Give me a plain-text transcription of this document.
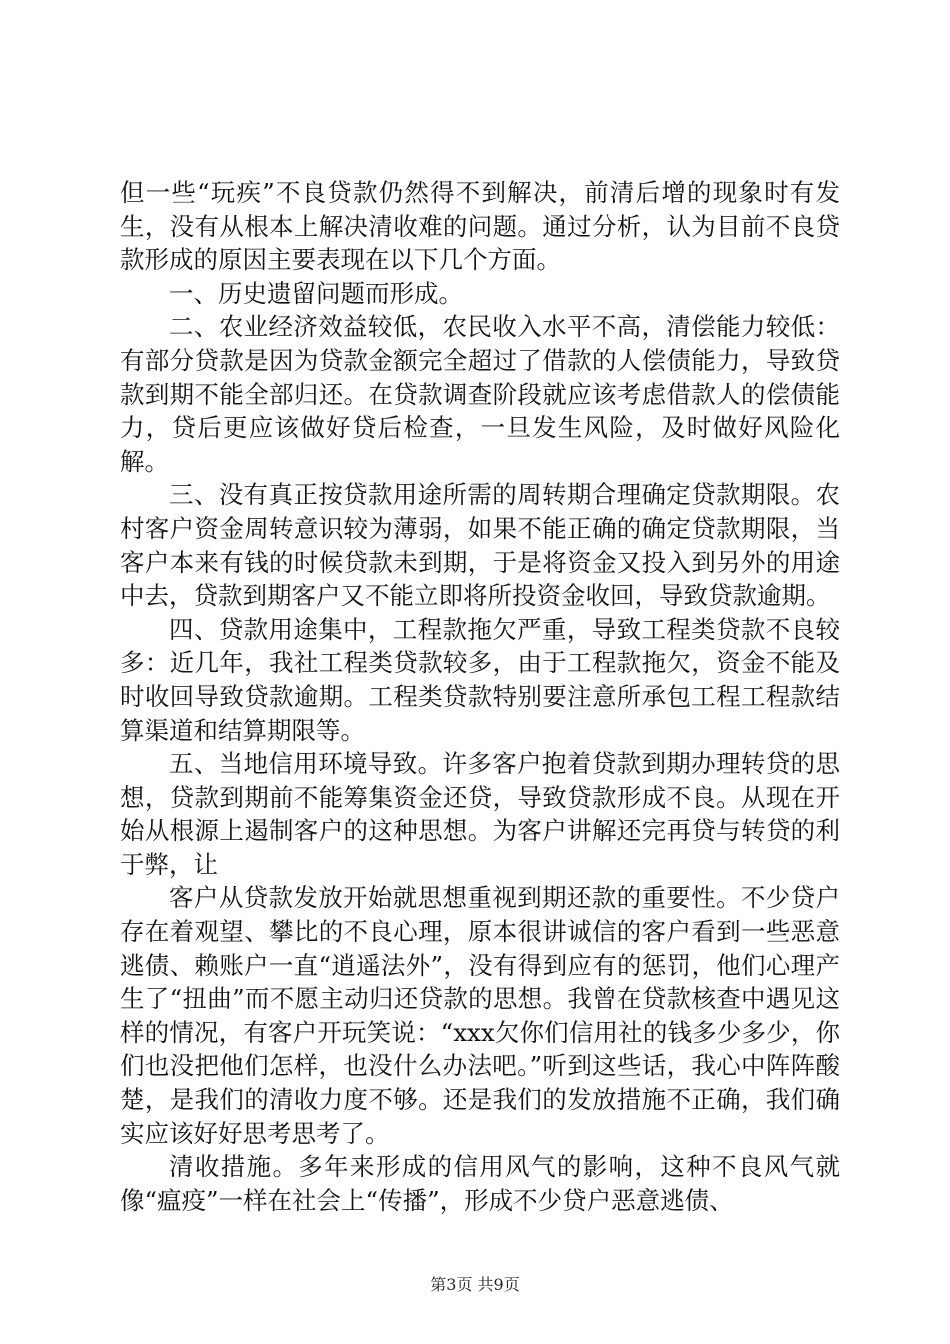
但一些“玩疾”不良贷款仍然得不到解决，前清后增的现象时有发生，没有从根本上解决清收难的问题。通过分析，认为目前不良贷款形成的原因主要表现在以下几个方面。

一、历史遗留问题而形成。

二、农业经济效益较低，农民收入水平不高，清偿能力较低：有部分贷款是因为贷款金额完全超过了借款的人偿债能力，导致贷款到期不能全部归还。在贷款调查阶段就应该考虑借款人的偿债能力，贷后更应该做好贷后检查，一旦发生风险，及时做好风险化解。

三、没有真正按贷款用途所需的周转期合理确定贷款期限。农村客户资金周转意识较为薄弱，如果不能正确的确定贷款期限，当客户本来有钱的时候贷款未到期，于是将资金又投入到另外的用途中去，贷款到期客户又不能立即将所投资金收回，导致贷款逾期。

四、贷款用途集中，工程款拖欠严重，导致工程类贷款不良较多：近几年，我社工程类贷款较多，由于工程款拖欠，资金不能及时收回导致贷款逾期。工程类贷款特别要注意所承包工程工程款结算渠道和结算期限等。

五、当地信用环境导致。许多客户抱着贷款到期办理转贷的思想，贷款到期前不能筹集资金还贷，导致贷款形成不良。从现在开始从根源上遏制客户的这种思想。为客户讲解还完再贷与转贷的利于弊，让

客户从贷款发放开始就思想重视到期还款的重要性。不少贷户存在着观望、攀比的不良心理，原本很讲诚信的客户看到一些恶意逃债、赖账户一直“逍遥法外”，没有得到应有的惩罚，他们心理产生了“扭曲”而不愿主动归还贷款的思想。我曾在贷款核查中遇见这样的情况，有客户开玩笑说：“xxx欠你们信用社的钱多少多少，你们也没把他们怎样，也没什么办法吧。”听到这些话，我心中阵阵酸楚，是我们的清收力度不够。还是我们的发放措施不正确，我们确实应该好好思考思考了。

清收措施。多年来形成的信用风气的影响，这种不良风气就像“瘟疫”一样在社会上“传播”，形成不少贷户恶意逃债、

第3页 共9页
